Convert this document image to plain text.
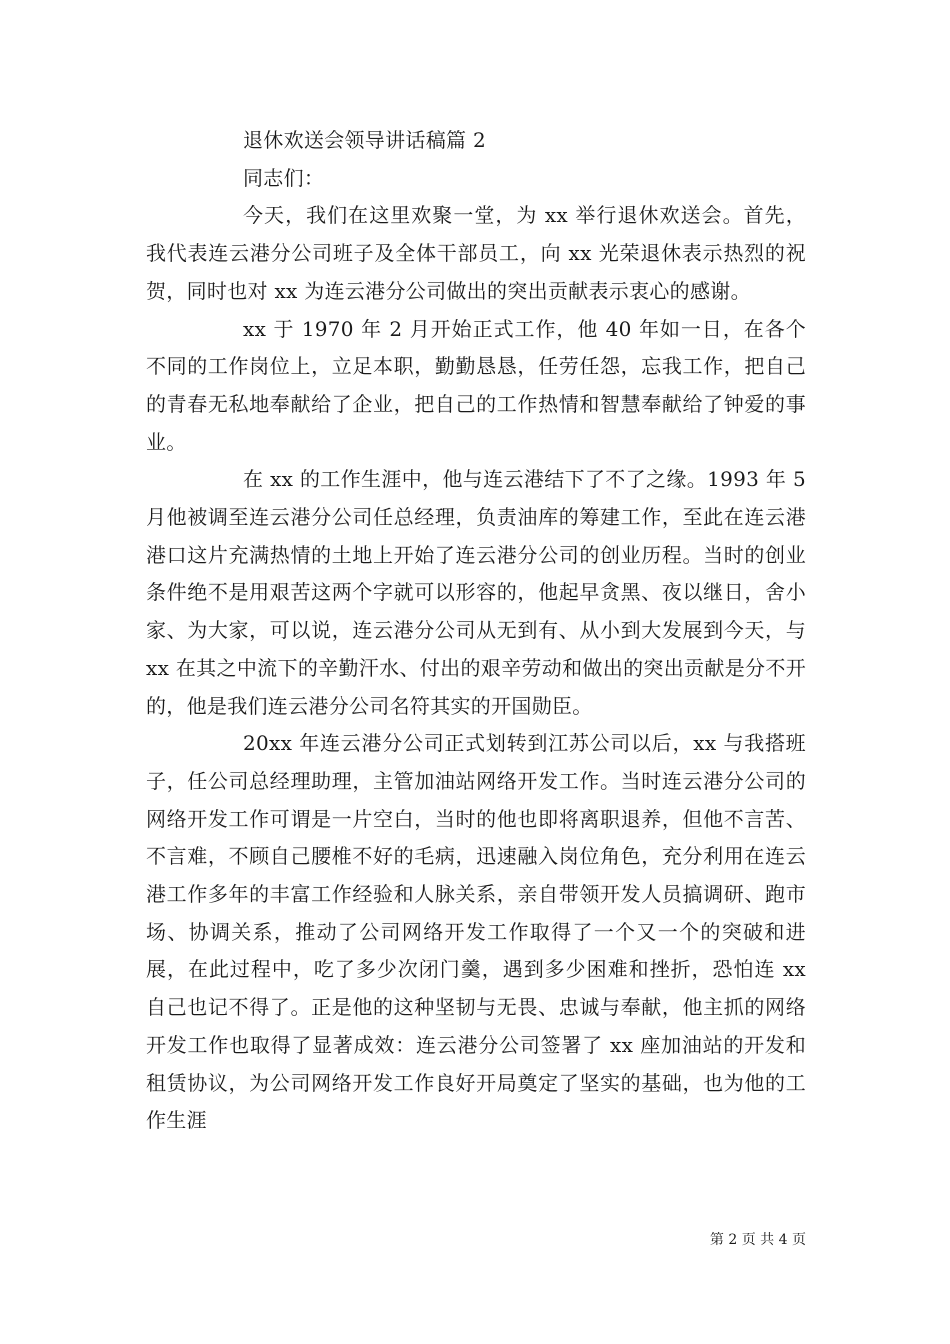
退休欢送会领导讲话稿篇 2

同志们：

今天，我们在这里欢聚一堂，为 xx 举行退休欢送会。首先，我代表连云港分公司班子及全体干部员工，向 xx 光荣退休表示热烈的祝贺，同时也对 xx 为连云港分公司做出的突出贡献表示衷心的感谢。

xx 于 1970 年 2 月开始正式工作，他 40 年如一日，在各个不同的工作岗位上，立足本职，勤勤恳恳，任劳任怨，忘我工作，把自己的青春无私地奉献给了企业，把自己的工作热情和智慧奉献给了钟爱的事业。

在 xx 的工作生涯中，他与连云港结下了不了之缘。1993 年 5 月他被调至连云港分公司任总经理，负责油库的筹建工作，至此在连云港港口这片充满热情的土地上开始了连云港分公司的创业历程。当时的创业条件绝不是用艰苦这两个字就可以形容的，他起早贪黑、夜以继日，舍小家、为大家，可以说，连云港分公司从无到有、从小到大发展到今天，与 xx 在其之中流下的辛勤汗水、付出的艰辛劳动和做出的突出贡献是分不开的，他是我们连云港分公司名符其实的开国勋臣。

20xx 年连云港分公司正式划转到江苏公司以后，xx 与我搭班子，任公司总经理助理，主管加油站网络开发工作。当时连云港分公司的网络开发工作可谓是一片空白，当时的他也即将离职退养，但他不言苦、不言难，不顾自己腰椎不好的毛病，迅速融入岗位角色，充分利用在连云港工作多年的丰富工作经验和人脉关系，亲自带领开发人员搞调研、跑市场、协调关系，推动了公司网络开发工作取得了一个又一个的突破和进展，在此过程中，吃了多少次闭门羹，遇到多少困难和挫折，恐怕连 xx 自己也记不得了。正是他的这种坚韧与无畏、忠诚与奉献，他主抓的网络开发工作也取得了显著成效：连云港分公司签署了 xx 座加油站的开发和租赁协议，为公司网络开发工作良好开局奠定了坚实的基础，也为他的工作生涯

第 2 页 共 4 页
